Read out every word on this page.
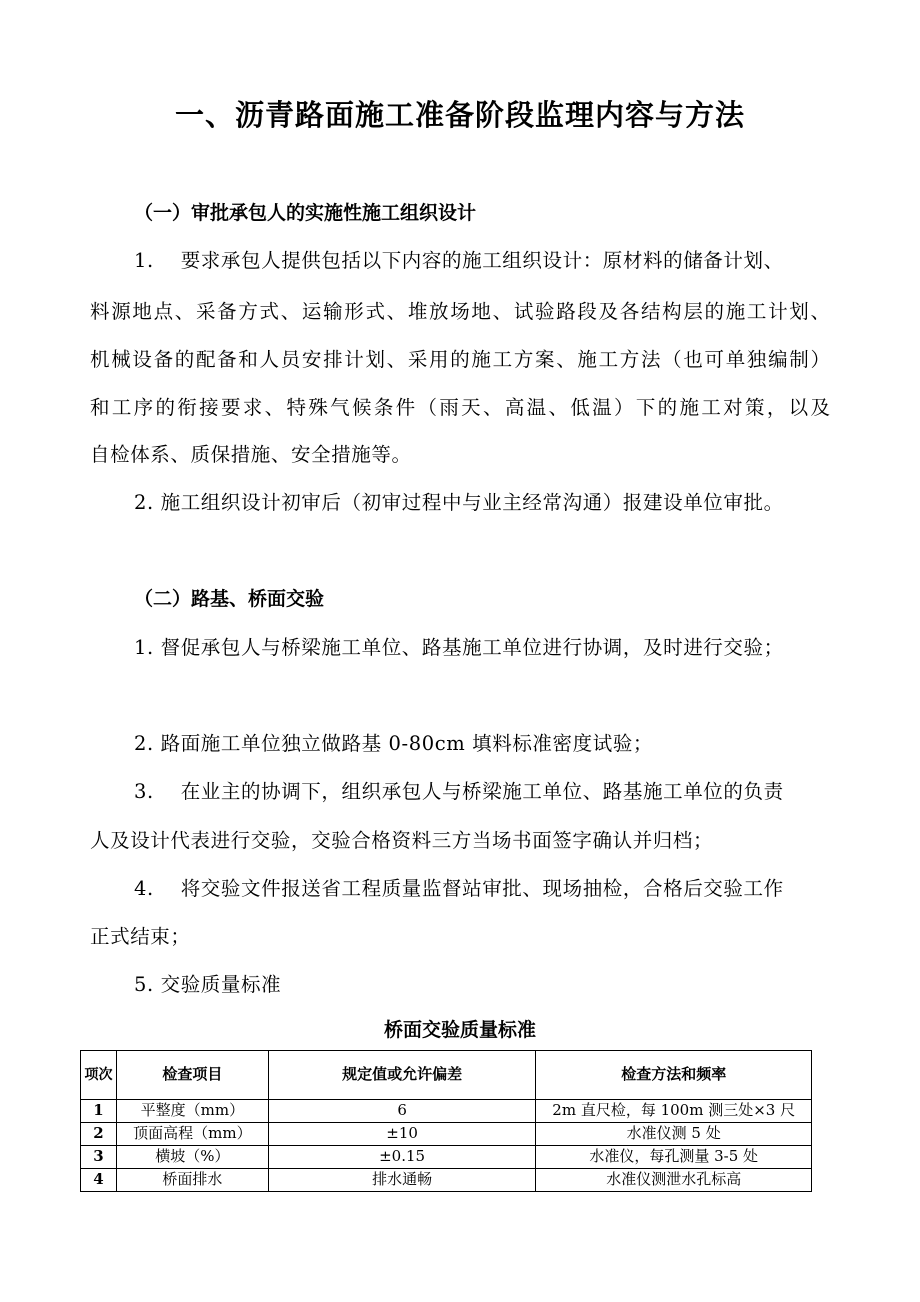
一、沥青路面施工准备阶段监理内容与方法
（一）审批承包人的实施性施工组织设计
1.　 要求承包人提供包括以下内容的施工组织设计：原材料的储备计划、
料源地点、采备方式、运输形式、堆放场地、试验路段及各结构层的施工计划、
机械设备的配备和人员安排计划、采用的施工方案、施工方法（也可单独编制）
和工序的衔接要求、特殊气候条件（雨天、高温、低温）下的施工对策，以及
自检体系、质保措施、安全措施等。
2. 施工组织设计初审后（初审过程中与业主经常沟通）报建设单位审批。
（二）路基、桥面交验
1. 督促承包人与桥梁施工单位、路基施工单位进行协调，及时进行交验；
2. 路面施工单位独立做路基 0-80cm 填料标准密度试验；
3.　 在业主的协调下，组织承包人与桥梁施工单位、路基施工单位的负责
人及设计代表进行交验，交验合格资料三方当场书面签字确认并归档；
4.　 将交验文件报送省工程质量监督站审批、现场抽检，合格后交验工作
正式结束；
5. 交验质量标准
桥面交验质量标准
项次	检查项目	规定值或允许偏差	检查方法和频率
1	平整度（mm）	6	2m 直尺检，每 100m 测三处×3 尺
2	顶面高程（mm）	±10	水准仪测 5 处
3	横坡（%）	±0.15	水准仪，每孔测量 3-5 处
4	桥面排水	排水通畅	水准仪测泄水孔标高
